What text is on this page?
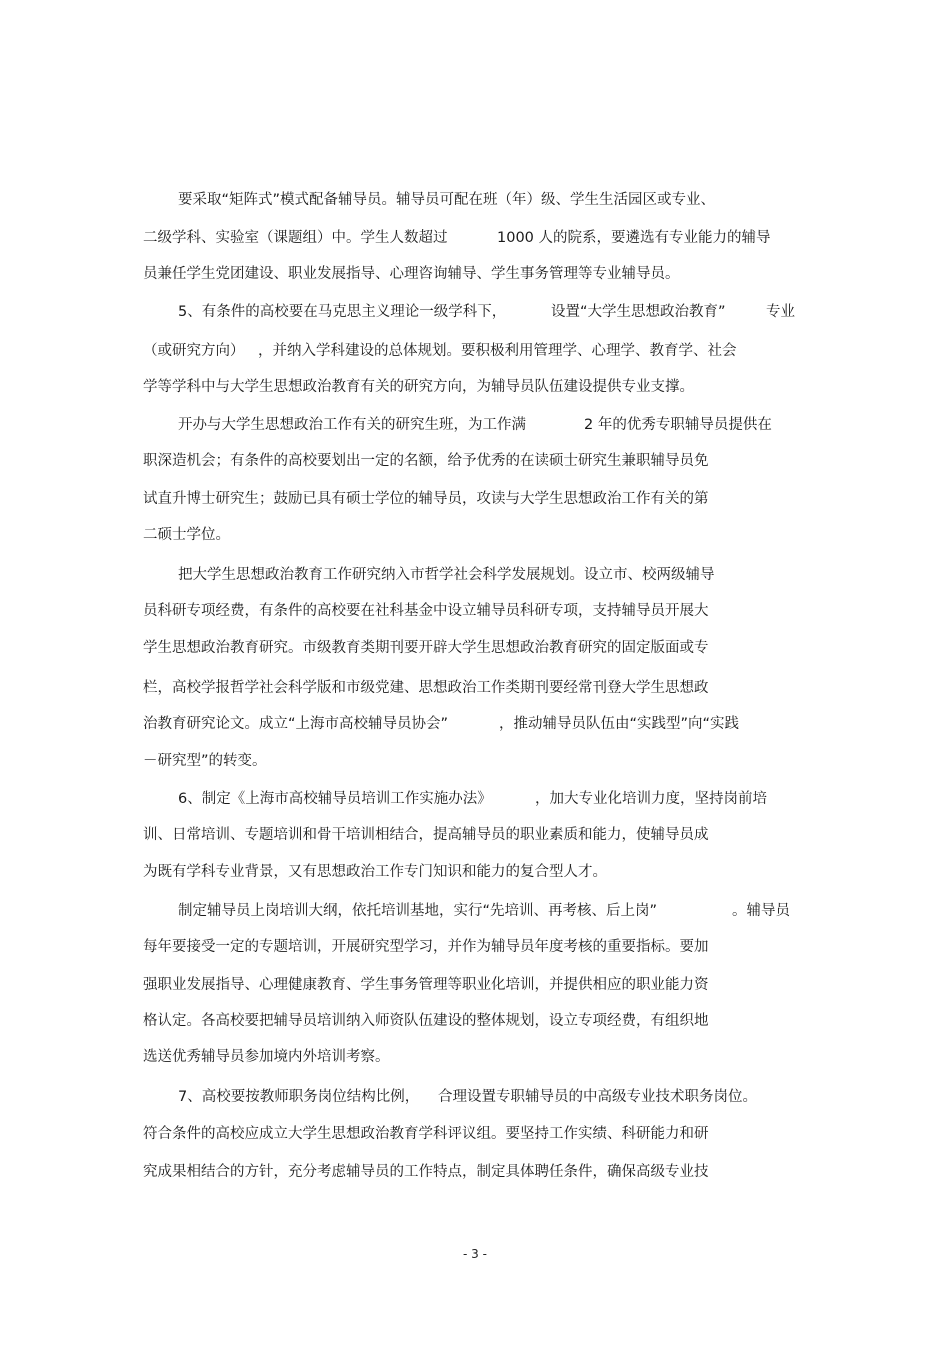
要采取“矩阵式”模式配备辅导员。辅导员可配在班（年）级、学生生活园区或专业、
二级学科、实验室（课题组）中。学生人数超过	1000 人的院系，要遴选有专业能力的辅导
员兼任学生党团建设、职业发展指导、心理咨询辅导、学生事务管理等专业辅导员。
5、有条件的高校要在马克思主义理论一级学科下，	设置“大学生思想政治教育”	专业
（或研究方向） ，并纳入学科建设的总体规划。要积极利用管理学、心理学、教育学、社会
学等学科中与大学生思想政治教育有关的研究方向，为辅导员队伍建设提供专业支撑。
开办与大学生思想政治工作有关的研究生班，为工作满	2 年的优秀专职辅导员提供在
职深造机会；有条件的高校要划出一定的名额，给予优秀的在读硕士研究生兼职辅导员免
试直升博士研究生；鼓励已具有硕士学位的辅导员，攻读与大学生思想政治工作有关的第
二硕士学位。
把大学生思想政治教育工作研究纳入市哲学社会科学发展规划。设立市、校两级辅导
员科研专项经费，有条件的高校要在社科基金中设立辅导员科研专项，支持辅导员开展大
学生思想政治教育研究。市级教育类期刊要开辟大学生思想政治教育研究的固定版面或专
栏，高校学报哲学社会科学版和市级党建、思想政治工作类期刊要经常刊登大学生思想政
治教育研究论文。成立“上海市高校辅导员协会”	，推动辅导员队伍由“实践型”向“实践
－研究型”的转变。
6、制定《上海市高校辅导员培训工作实施办法》	，加大专业化培训力度，坚持岗前培
训、日常培训、专题培训和骨干培训相结合，提高辅导员的职业素质和能力，使辅导员成
为既有学科专业背景，又有思想政治工作专门知识和能力的复合型人才。
制定辅导员上岗培训大纲，依托培训基地，实行“先培训、再考核、后上岗”	。辅导员
每年要接受一定的专题培训，开展研究型学习，并作为辅导员年度考核的重要指标。要加
强职业发展指导、心理健康教育、学生事务管理等职业化培训，并提供相应的职业能力资
格认定。各高校要把辅导员培训纳入师资队伍建设的整体规划，设立专项经费，有组织地
选送优秀辅导员参加境内外培训考察。
7、高校要按教师职务岗位结构比例， 合理设置专职辅导员的中高级专业技术职务岗位。
符合条件的高校应成立大学生思想政治教育学科评议组。要坚持工作实绩、科研能力和研
究成果相结合的方针，充分考虑辅导员的工作特点，制定具体聘任条件，确保高级专业技
- 3 -
